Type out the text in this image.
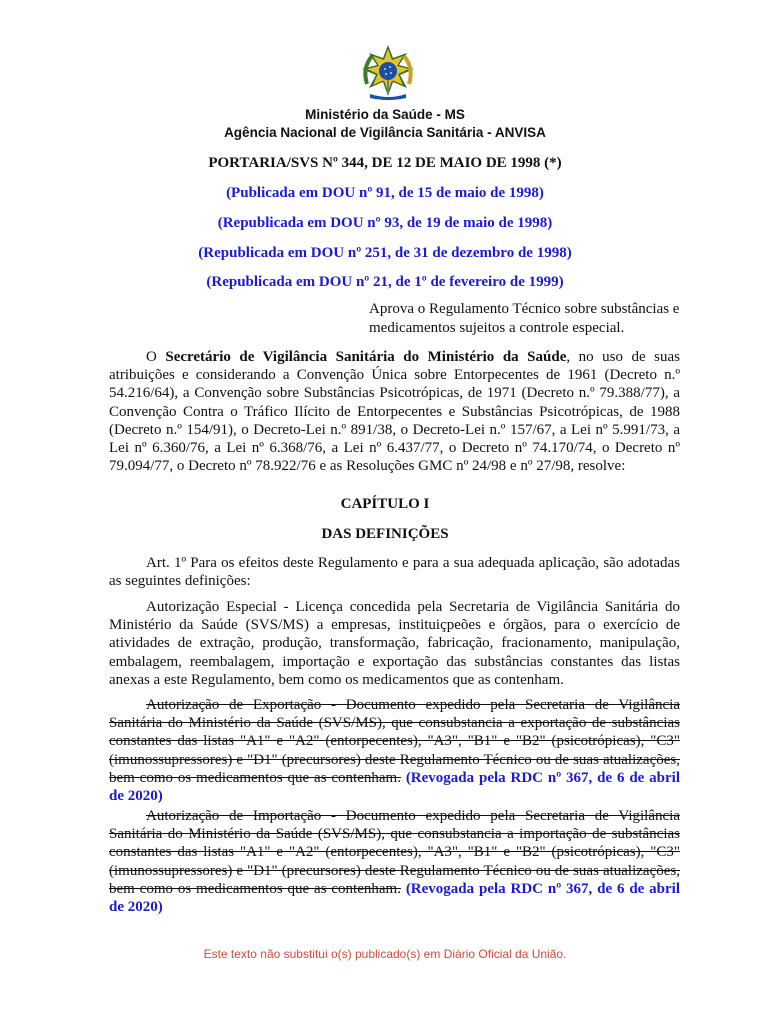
Ministério da Saúde - MS
Agência Nacional de Vigilância Sanitária - ANVISA
PORTARIA/SVS Nº 344, DE 12 DE MAIO DE 1998 (*)
(Publicada em DOU nº 91, de 15 de maio de 1998)
(Republicada em DOU nº 93, de 19 de maio de 1998)
(Republicada em DOU nº 251, de 31 de dezembro de 1998)
(Republicada em DOU nº 21, de 1º de fevereiro de 1999)
Aprova o Regulamento Técnico sobre substâncias e medicamentos sujeitos a controle especial.
O Secretário de Vigilância Sanitária do Ministério da Saúde, no uso de suas atribuições e considerando a Convenção Única sobre Entorpecentes de 1961 (Decreto n.º 54.216/64), a Convenção sobre Substâncias Psicotrópicas, de 1971 (Decreto n.º 79.388/77), a Convenção Contra o Tráfico Ilícito de Entorpecentes e Substâncias Psicotrópicas, de 1988 (Decreto n.º 154/91), o Decreto-Lei n.º 891/38, o Decreto-Lei n.º 157/67, a Lei nº 5.991/73, a Lei nº 6.360/76, a Lei nº 6.368/76, a Lei nº 6.437/77, o Decreto nº 74.170/74, o Decreto nº 79.094/77, o Decreto nº 78.922/76 e as Resoluções GMC nº 24/98 e nº 27/98, resolve:
CAPÍTULO I
DAS DEFINIÇÕES
Art. 1º Para os efeitos deste Regulamento e para a sua adequada aplicação, são adotadas as seguintes definições:
Autorização Especial - Licença concedida pela Secretaria de Vigilância Sanitária do Ministério da Saúde (SVS/MS) a empresas, instituiçpeões e órgãos, para o exercício de atividades de extração, produção, transformação, fabricação, fracionamento, manipulação, embalagem, reembalagem, importação e exportação das substâncias constantes das listas anexas a este Regulamento, bem como os medicamentos que as contenham.
Autorização de Exportação - Documento expedido pela Secretaria de Vigilância Sanitária do Ministério da Saúde (SVS/MS), que consubstancia a exportação de substâncias constantes das listas "A1" e "A2" (entorpecentes), "A3", "B1" e "B2" (psicotrópicas), "C3" (imunossupressores) e "D1" (precursores) deste Regulamento Técnico ou de suas atualizações, bem como os medicamentos que as contenham. (Revogada pela RDC nº 367, de 6 de abril de 2020)
Autorização de Importação - Documento expedido pela Secretaria de Vigilância Sanitária do Ministério da Saúde (SVS/MS), que consubstancia a importação de substâncias constantes das listas "A1" e "A2" (entorpecentes), "A3", "B1" e "B2" (psicotrópicas), "C3" (imunossupressores) e "D1" (precursores) deste Regulamento Técnico ou de suas atualizações, bem como os medicamentos que as contenham. (Revogada pela RDC nº 367, de 6 de abril de 2020)
Este texto não substitui o(s) publicado(s) em Diário Oficial da União.
